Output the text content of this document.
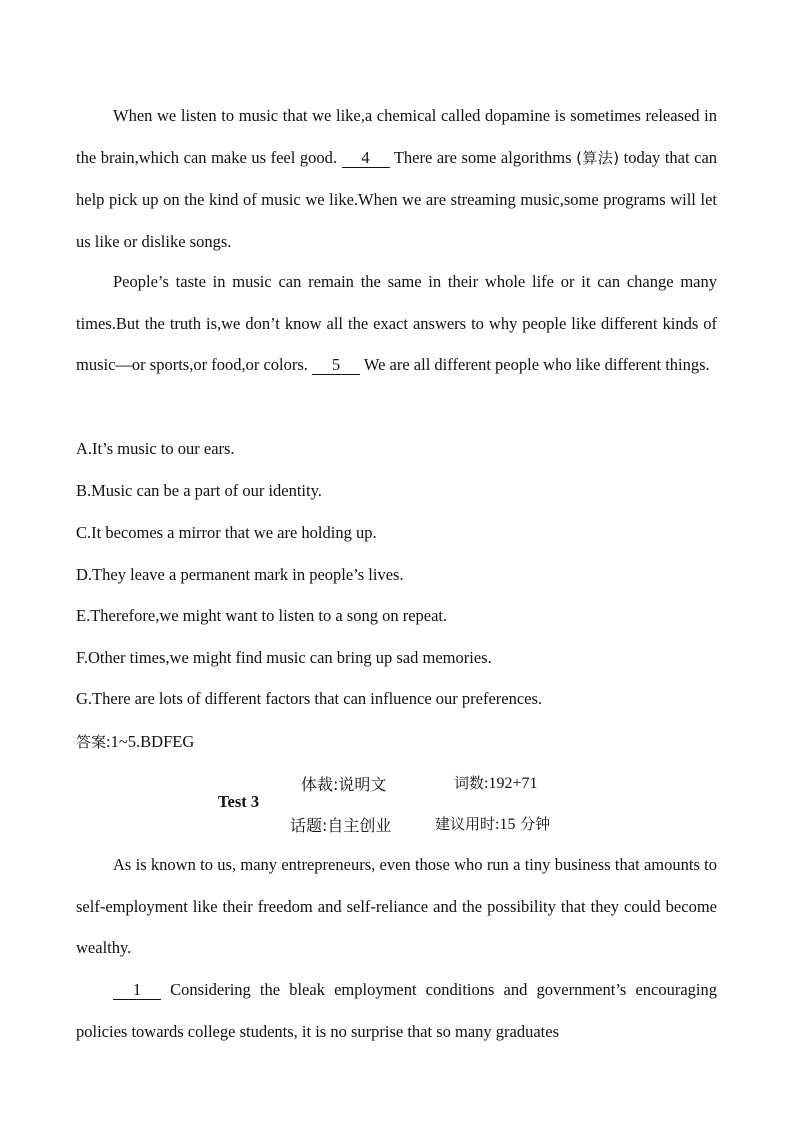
When we listen to music that we like,a chemical called dopamine is sometimes released in the brain,which can make us feel good. 4 There are some algorithms (算法) today that can help pick up on the kind of music we like.When we are streaming music,some programs will let us like or dislike songs.

People’s taste in music can remain the same in their whole life or it can change many times.But the truth is,we don’t know all the exact answers to why people like different kinds of music—or sports,or food,or colors. 5 We are all different people who like different things.

A.It’s music to our ears.

B.Music can be a part of our identity.

C.It becomes a mirror that we are holding up.

D.They leave a permanent mark in people’s lives.

E.Therefore,we might want to listen to a song on repeat.

F.Other times,we might find music can bring up sad memories.

G.There are lots of different factors that can influence our preferences.

答案:1~5.BDFEG
Test 3
体裁:说明文	词数:192+71
话题:自主创业	建议用时:15 分钟

As is known to us, many entrepreneurs, even those who run a tiny business that amounts to self-employment like their freedom and self-reliance and the possibility that they could become wealthy.

1 Considering the bleak employment conditions and government’s encouraging policies towards college students, it is no surprise that so many graduates
